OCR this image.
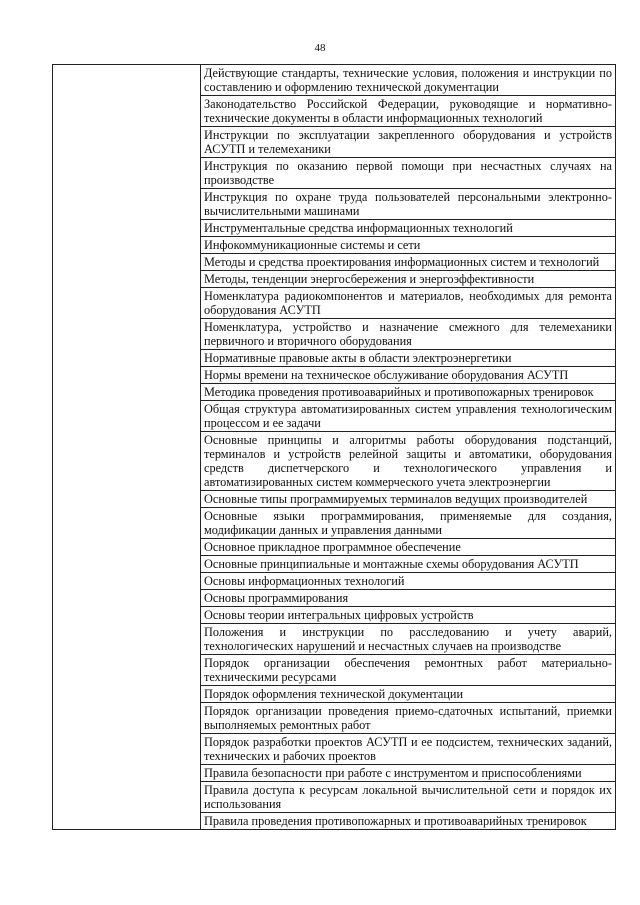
48

Действующие стандарты, технические условия, положения и инструкции по составлению и оформлению технической документации

Законодательство Российской Федерации, руководящие и нормативно-технические документы в области информационных технологий

Инструкции по эксплуатации закрепленного оборудования и устройств АСУТП и телемеханики

Инструкция по оказанию первой помощи при несчастных случаях на производстве

Инструкция по охране труда пользователей персональными электронно-вычислительными машинами

Инструментальные средства информационных технологий

Инфокоммуникационные системы и сети

Методы и средства проектирования информационных систем и технологий

Методы, тенденции энергосбережения и энергоэффективности

Номенклатура радиокомпонентов и материалов, необходимых для ремонта оборудования АСУТП

Номенклатура, устройство и назначение смежного для телемеханики первичного и вторичного оборудования

Нормативные правовые акты в области электроэнергетики

Нормы времени на техническое обслуживание оборудования АСУТП

Методика проведения противоаварийных и противопожарных тренировок

Общая структура автоматизированных систем управления технологическим процессом и ее задачи

Основные принципы и алгоритмы работы оборудования подстанций, терминалов и устройств релейной защиты и автоматики, оборудования средств диспетчерского и технологического управления и автоматизированных систем коммерческого учета электроэнергии

Основные типы программируемых терминалов ведущих производителей

Основные языки программирования, применяемые для создания, модификации данных и управления данными

Основное прикладное программное обеспечение

Основные принципиальные и монтажные схемы оборудования АСУТП

Основы информационных технологий

Основы программирования

Основы теории интегральных цифровых устройств

Положения и инструкции по расследованию и учету аварий, технологических нарушений и несчастных случаев на производстве

Порядок организации обеспечения ремонтных работ материально-техническими ресурсами

Порядок оформления технической документации

Порядок организации проведения приемо-сдаточных испытаний, приемки выполняемых ремонтных работ

Порядок разработки проектов АСУТП и ее подсистем, технических заданий, технических и рабочих проектов

Правила безопасности при работе с инструментом и приспособлениями

Правила доступа к ресурсам локальной вычислительной сети и порядок их использования

Правила проведения противопожарных и противоаварийных тренировок
